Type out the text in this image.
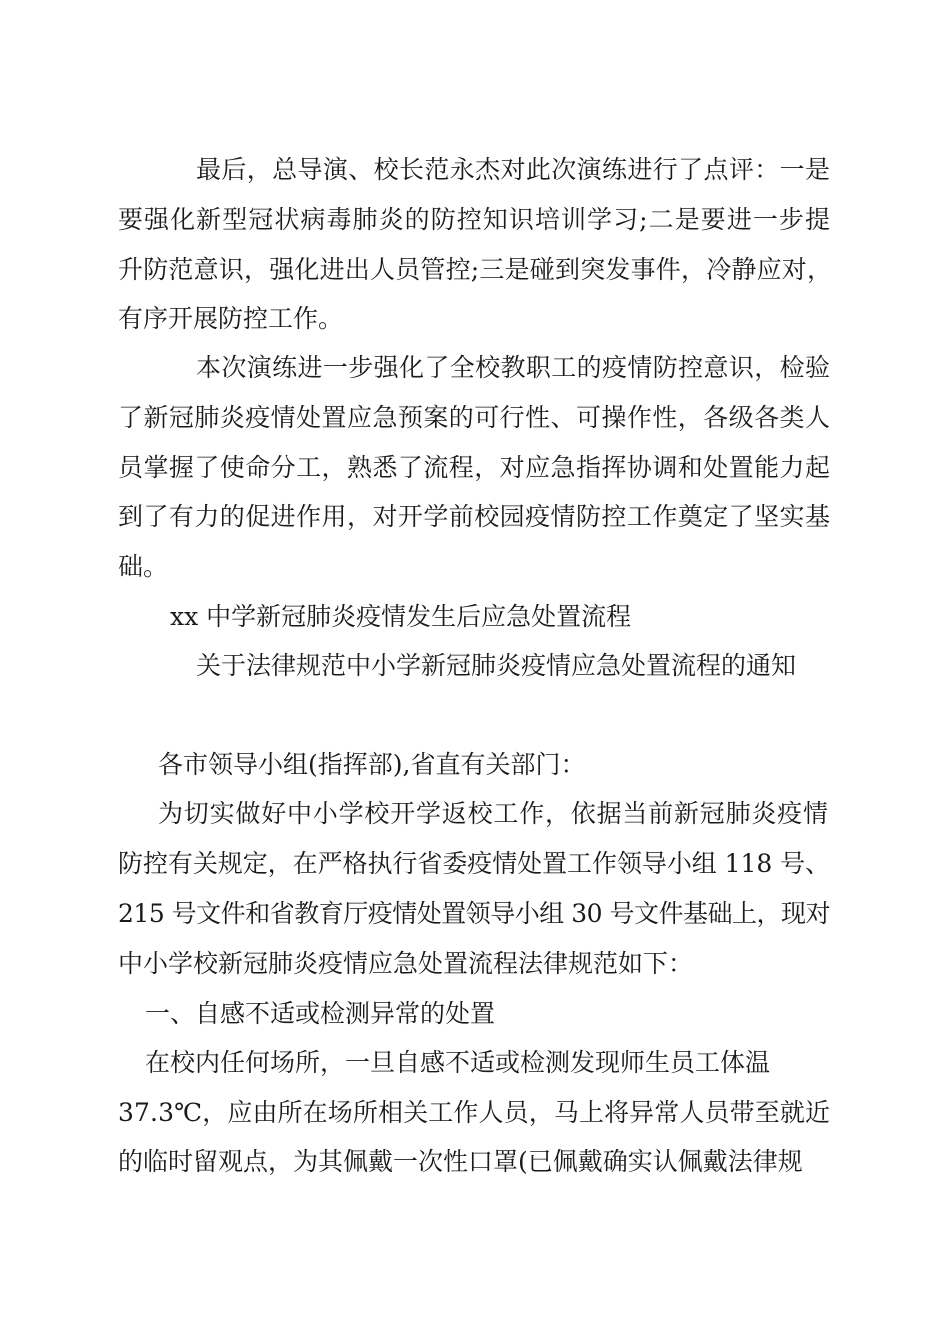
最后，总导演、校长范永杰对此次演练进行了点评：一是
要强化新型冠状病毒肺炎的防控知识培训学习;二是要进一步提
升防范意识，强化进出人员管控;三是碰到突发事件，冷静应对，
有序开展防控工作。
本次演练进一步强化了全校教职工的疫情防控意识，检验
了新冠肺炎疫情处置应急预案的可行性、可操作性，各级各类人
员掌握了使命分工，熟悉了流程，对应急指挥协调和处置能力起
到了有力的促进作用，对开学前校园疫情防控工作奠定了坚实基
础。
xx 中学新冠肺炎疫情发生后应急处置流程
关于法律规范中小学新冠肺炎疫情应急处置流程的通知
各市领导小组(指挥部),省直有关部门：
为切实做好中小学校开学返校工作，依据当前新冠肺炎疫情
防控有关规定，在严格执行省委疫情处置工作领导小组 118 号、
215 号文件和省教育厅疫情处置领导小组 30 号文件基础上，现对
中小学校新冠肺炎疫情应急处置流程法律规范如下：
一、自感不适或检测异常的处置
在校内任何场所，一旦自感不适或检测发现师生员工体温
37.3℃，应由所在场所相关工作人员，马上将异常人员带至就近
的临时留观点，为其佩戴一次性口罩(已佩戴确实认佩戴法律规
